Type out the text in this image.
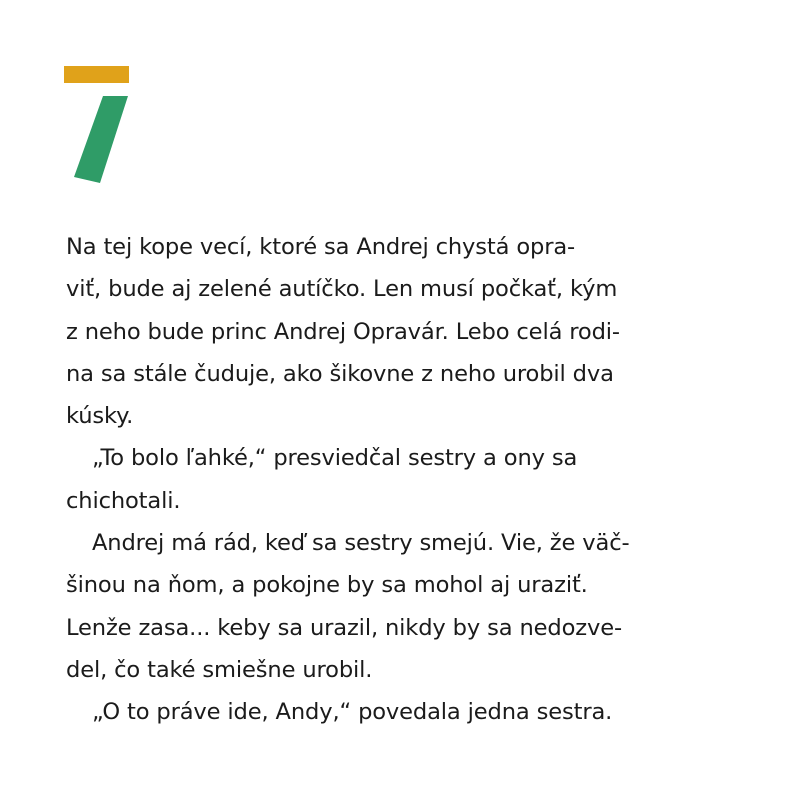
Na tej kope vecí, ktoré sa Andrej chystá opra-
viť, bude aj zelené autíčko. Len musí počkať, kým
z neho bude princ Andrej Opravár. Lebo celá rodi-
na sa stále čuduje, ako šikovne z neho urobil dva
kúsky.
„To bolo ľahké,“ presviedčal sestry a ony sa
chichotali.
Andrej má rád, keď sa sestry smejú. Vie, že väč-
šinou na ňom, a pokojne by sa mohol aj uraziť.
Lenže zasa... keby sa urazil, nikdy by sa nedozve-
del, čo také smiešne urobil.
„O to práve ide, Andy,“ povedala jedna sestra.
